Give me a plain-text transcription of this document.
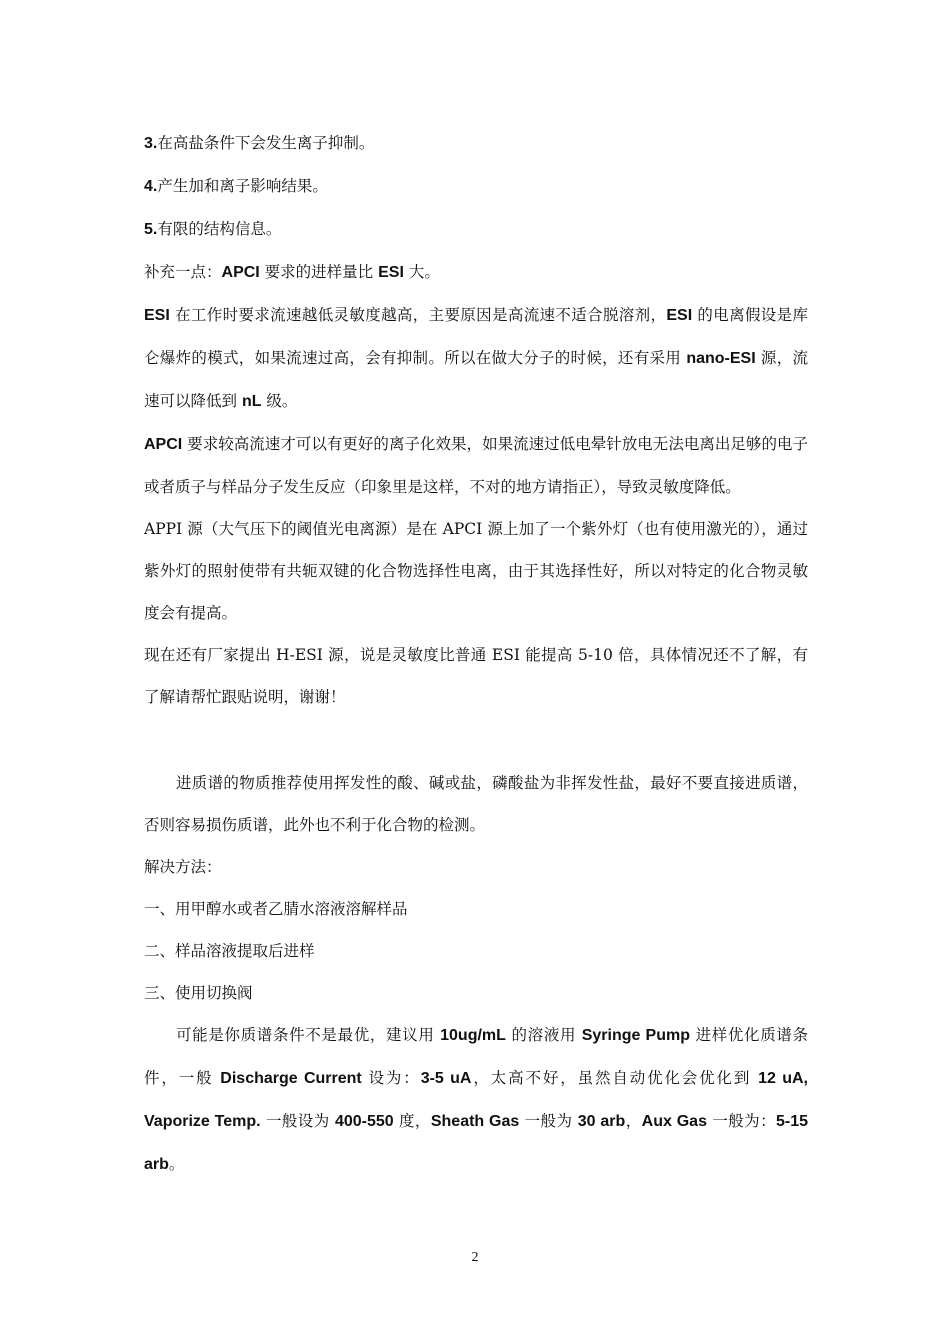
3.在高盐条件下会发生离子抑制。

4.产生加和离子影响结果。

5.有限的结构信息。

补充一点：APCI 要求的进样量比 ESI 大。

ESI 在工作时要求流速越低灵敏度越高，主要原因是高流速不适合脱溶剂，ESI 的电离假设是库仑爆炸的模式，如果流速过高，会有抑制。所以在做大分子的时候，还有采用 nano-ESI 源，流速可以降低到 nL 级。

APCI 要求较高流速才可以有更好的离子化效果，如果流速过低电晕针放电无法电离出足够的电子或者质子与样品分子发生反应（印象里是这样，不对的地方请指正），导致灵敏度降低。

APPI 源（大气压下的阈值光电离源）是在 APCI 源上加了一个紫外灯（也有使用激光的），通过紫外灯的照射使带有共轭双键的化合物选择性电离，由于其选择性好，所以对特定的化合物灵敏度会有提高。

现在还有厂家提出 H-ESI 源，说是灵敏度比普通 ESI 能提高 5-10 倍，具体情况还不了解，有了解请帮忙跟贴说明，谢谢！

进质谱的物质推荐使用挥发性的酸、碱或盐，磷酸盐为非挥发性盐，最好不要直接进质谱，否则容易损伤质谱，此外也不利于化合物的检测。

解决方法：

一、用甲醇水或者乙腈水溶液溶解样品

二、样品溶液提取后进样

三、使用切换阀

可能是你质谱条件不是最优，建议用 10ug/mL 的溶液用 Syringe Pump 进样优化质谱条件，一般 Discharge Current 设为：3-5 uA，太高不好，虽然自动优化会优化到 12 uA, Vaporize Temp. 一般设为 400-550 度，Sheath Gas 一般为 30 arb，Aux Gas 一般为：5-15 arb。

2
